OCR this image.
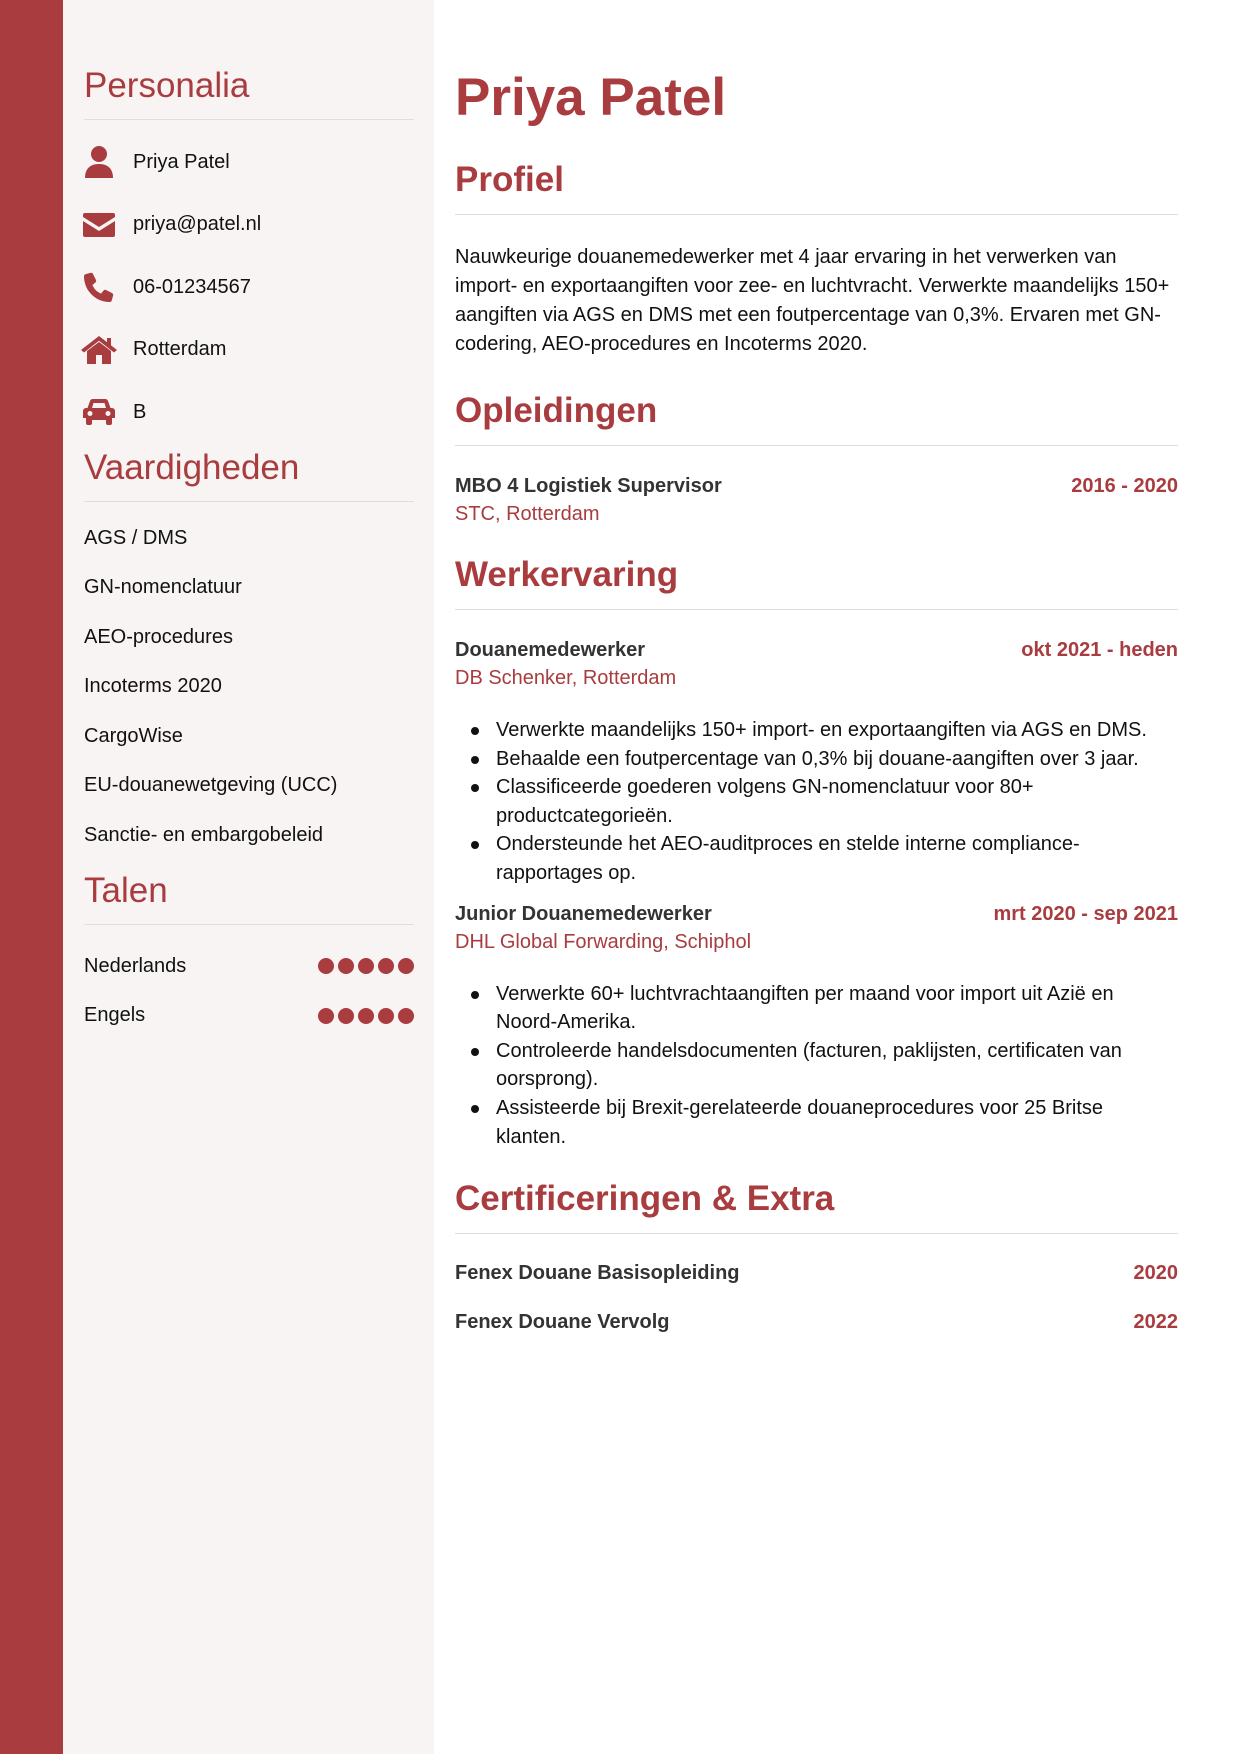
Personalia
Priya Patel
priya@patel.nl
06-01234567
Rotterdam
B
Vaardigheden
AGS / DMS
GN-nomenclatuur
AEO-procedures
Incoterms 2020
CargoWise
EU-douanewetgeving (UCC)
Sanctie- en embargobeleid
Talen
Nederlands
Engels
Priya Patel
Profiel

Nauwkeurige douanemedewerker met 4 jaar ervaring in het verwerken van import- en exportaangiften voor zee- en luchtvracht. Verwerkte maandelijks 150+ aangiften via AGS en DMS met een foutpercentage van 0,3%. Ervaren met GN-codering, AEO-procedures en Incoterms 2020.

Opleidingen
MBO 4 Logistiek Supervisor	2016 - 2020
STC, Rotterdam
Werkervaring
Douanemedewerker	okt 2021 - heden
DB Schenker, Rotterdam
Verwerkte maandelijks 150+ import- en exportaangiften via AGS en DMS.
Behaalde een foutpercentage van 0,3% bij douane-aangiften over 3 jaar.
Classificeerde goederen volgens GN-nomenclatuur voor 80+ productcategorieën.
Ondersteunde het AEO-auditproces en stelde interne compliance-rapportages op.
Junior Douanemedewerker	mrt 2020 - sep 2021
DHL Global Forwarding, Schiphol
Verwerkte 60+ luchtvrachtaangiften per maand voor import uit Azië en Noord-Amerika.
Controleerde handelsdocumenten (facturen, paklijsten, certificaten van oorsprong).
Assisteerde bij Brexit-gerelateerde douaneprocedures voor 25 Britse klanten.
Certificeringen & Extra
Fenex Douane Basisopleiding	2020
Fenex Douane Vervolg	2022
